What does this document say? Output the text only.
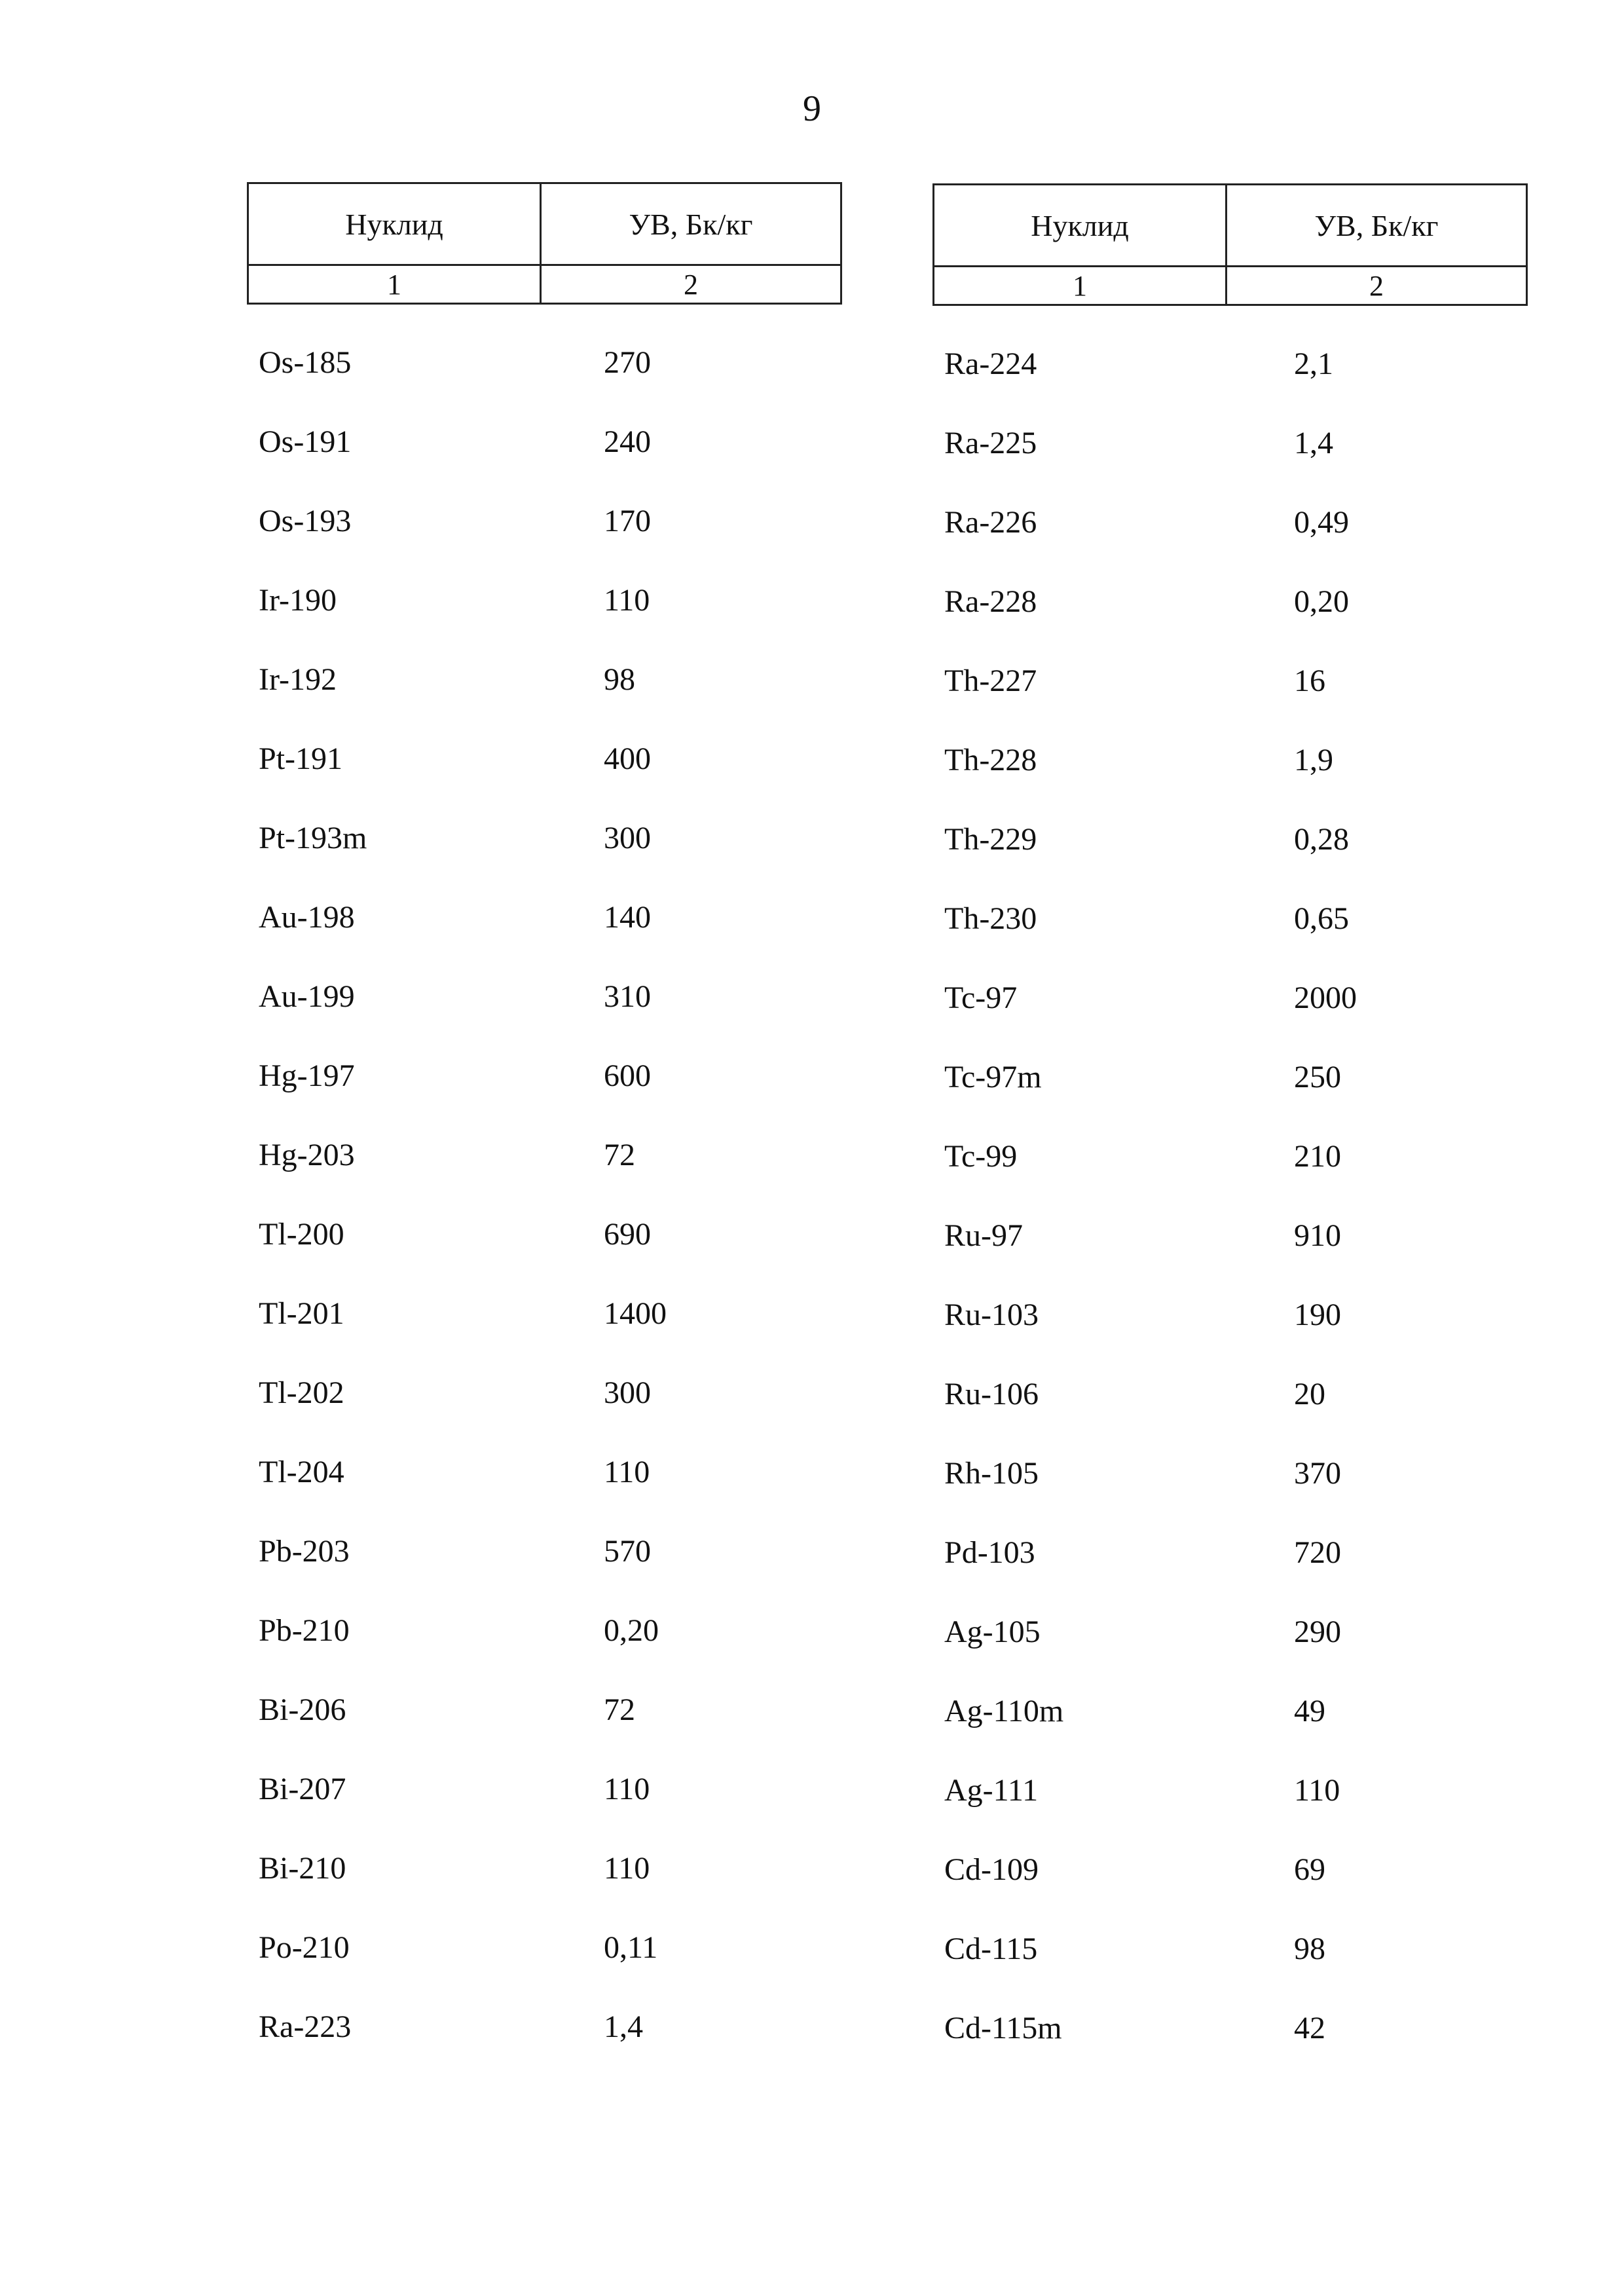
9
Нуклид	УВ, Бк/кг
1	2
Os-185	270
Os-191	240
Os-193	170
Ir-190	110
Ir-192	98
Pt-191	400
Pt-193m	300
Au-198	140
Au-199	310
Hg-197	600
Hg-203	72
Tl-200	690
Tl-201	1400
Tl-202	300
Tl-204	110
Pb-203	570
Pb-210	0,20
Bi-206	72
Bi-207	110
Bi-210	110
Po-210	0,11
Ra-223	1,4
Нуклид	УВ, Бк/кг
1	2
Ra-224	2,1
Ra-225	1,4
Ra-226	0,49
Ra-228	0,20
Th-227	16
Th-228	1,9
Th-229	0,28
Th-230	0,65
Tc-97	2000
Tc-97m	250
Tc-99	210
Ru-97	910
Ru-103	190
Ru-106	20
Rh-105	370
Pd-103	720
Ag-105	290
Ag-110m	49
Ag-111	110
Cd-109	69
Cd-115	98
Cd-115m	42
